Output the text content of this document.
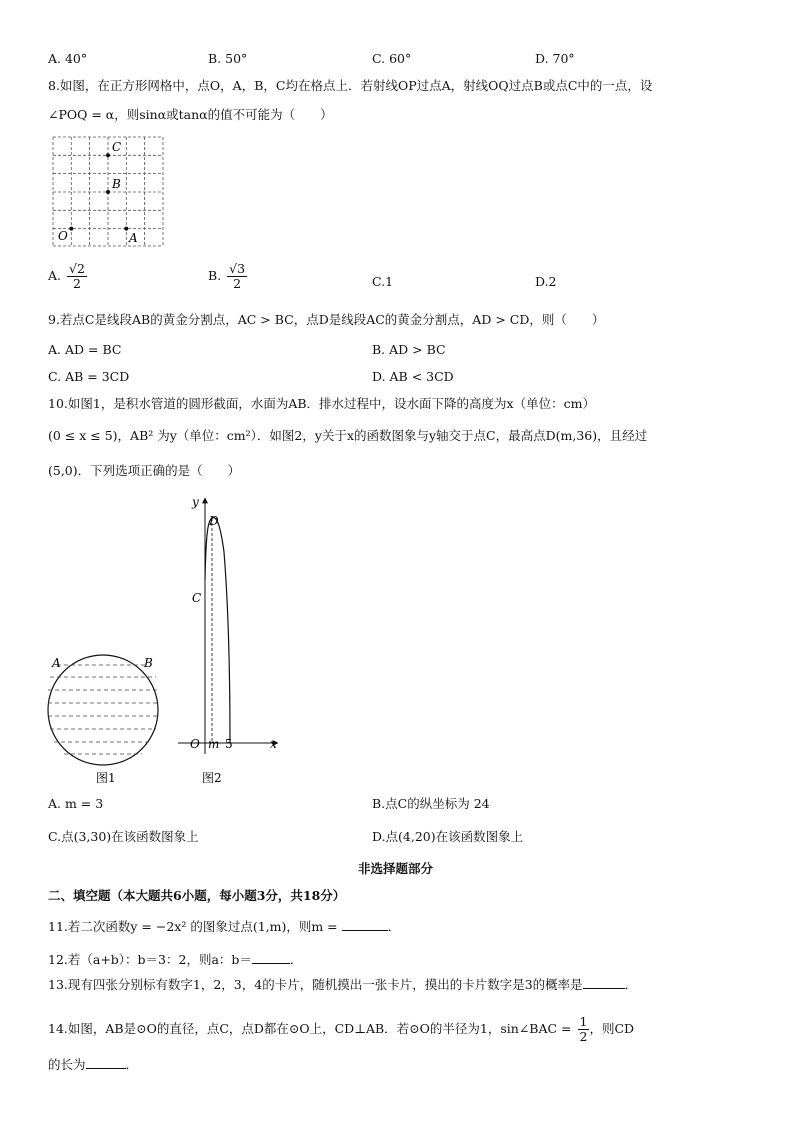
A. 40°	B. 50°	C. 60°	D. 70°
8.如图，在正方形网格中，点O，A，B，C均在格点上．若射线OP过点A，射线OQ过点B或点C中的一点，设
∠POQ = α，则sinα或tanα的值不可能为（　　）
C
B
O	A
A. $\frac{√2}{2}$	B. $\frac{√3}{2}$	C.1	D.2
9.若点C是线段AB的黄金分割点，AC > BC，点D是线段AC的黄金分割点，AD > CD，则（　　）
A. AD = BC	B. AD > BC
C. AB = 3CD	D. AB < 3CD
10.如图1，是积水管道的圆形截面，水面为AB．排水过程中，设水面下降的高度为x（单位：cm）
(0 ≤ x ≤ 5)，AB² 为y（单位：cm²）．如图2，y关于x的函数图象与y轴交于点C，最高点D(m,36)，且经过
(5,0)．下列选项正确的是（　　）
A	B
图1
y
D
C
O m 5	x
图2
A. m = 3	B.点C的纵坐标为 24
C.点(3,30)在该函数图象上	D.点(4,20)在该函数图象上
非选择题部分
二、填空题（本大题共6小题，每小题3分，共18分）
11.若二次函数y = −2x² 的图象过点(1,m)，则m =	．
12.若（a+b）：b＝3：2，则a：b＝	．
13.现有四张分别标有数字1，2，3，4的卡片，随机摸出一张卡片，摸出的卡片数字是3的概率是	．
14.如图，AB是⊙O的直径，点C，点D都在⊙O上，CD⊥AB．若⊙O的半径为1，sin∠BAC = $\frac{1}{2}$ ，则CD
的长为	．
